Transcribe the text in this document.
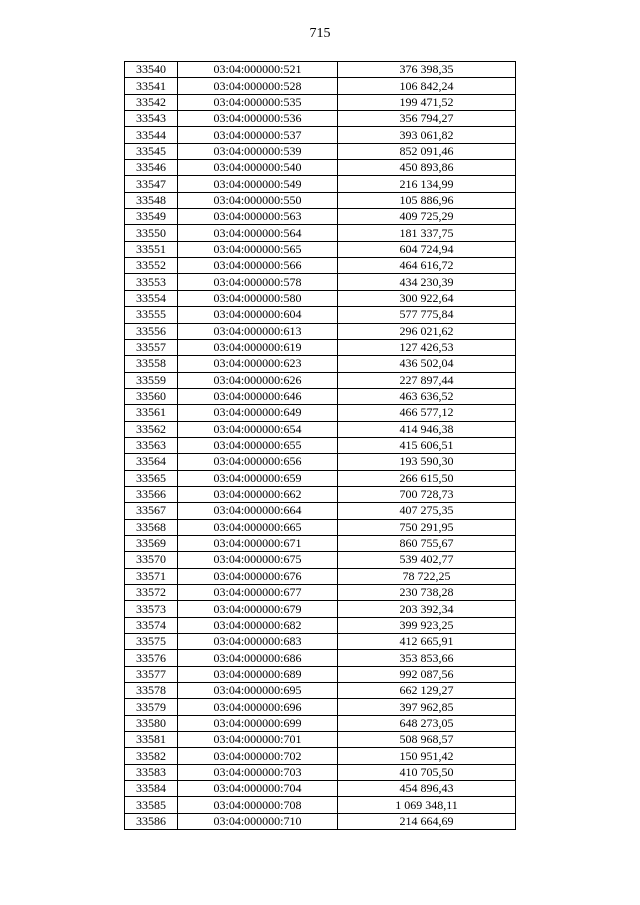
715
33540	03:04:000000:521	376 398,35
33541	03:04:000000:528	106 842,24
33542	03:04:000000:535	199 471,52
33543	03:04:000000:536	356 794,27
33544	03:04:000000:537	393 061,82
33545	03:04:000000:539	852 091,46
33546	03:04:000000:540	450 893,86
33547	03:04:000000:549	216 134,99
33548	03:04:000000:550	105 886,96
33549	03:04:000000:563	409 725,29
33550	03:04:000000:564	181 337,75
33551	03:04:000000:565	604 724,94
33552	03:04:000000:566	464 616,72
33553	03:04:000000:578	434 230,39
33554	03:04:000000:580	300 922,64
33555	03:04:000000:604	577 775,84
33556	03:04:000000:613	296 021,62
33557	03:04:000000:619	127 426,53
33558	03:04:000000:623	436 502,04
33559	03:04:000000:626	227 897,44
33560	03:04:000000:646	463 636,52
33561	03:04:000000:649	466 577,12
33562	03:04:000000:654	414 946,38
33563	03:04:000000:655	415 606,51
33564	03:04:000000:656	193 590,30
33565	03:04:000000:659	266 615,50
33566	03:04:000000:662	700 728,73
33567	03:04:000000:664	407 275,35
33568	03:04:000000:665	750 291,95
33569	03:04:000000:671	860 755,67
33570	03:04:000000:675	539 402,77
33571	03:04:000000:676	78 722,25
33572	03:04:000000:677	230 738,28
33573	03:04:000000:679	203 392,34
33574	03:04:000000:682	399 923,25
33575	03:04:000000:683	412 665,91
33576	03:04:000000:686	353 853,66
33577	03:04:000000:689	992 087,56
33578	03:04:000000:695	662 129,27
33579	03:04:000000:696	397 962,85
33580	03:04:000000:699	648 273,05
33581	03:04:000000:701	508 968,57
33582	03:04:000000:702	150 951,42
33583	03:04:000000:703	410 705,50
33584	03:04:000000:704	454 896,43
33585	03:04:000000:708	1 069 348,11
33586	03:04:000000:710	214 664,69
